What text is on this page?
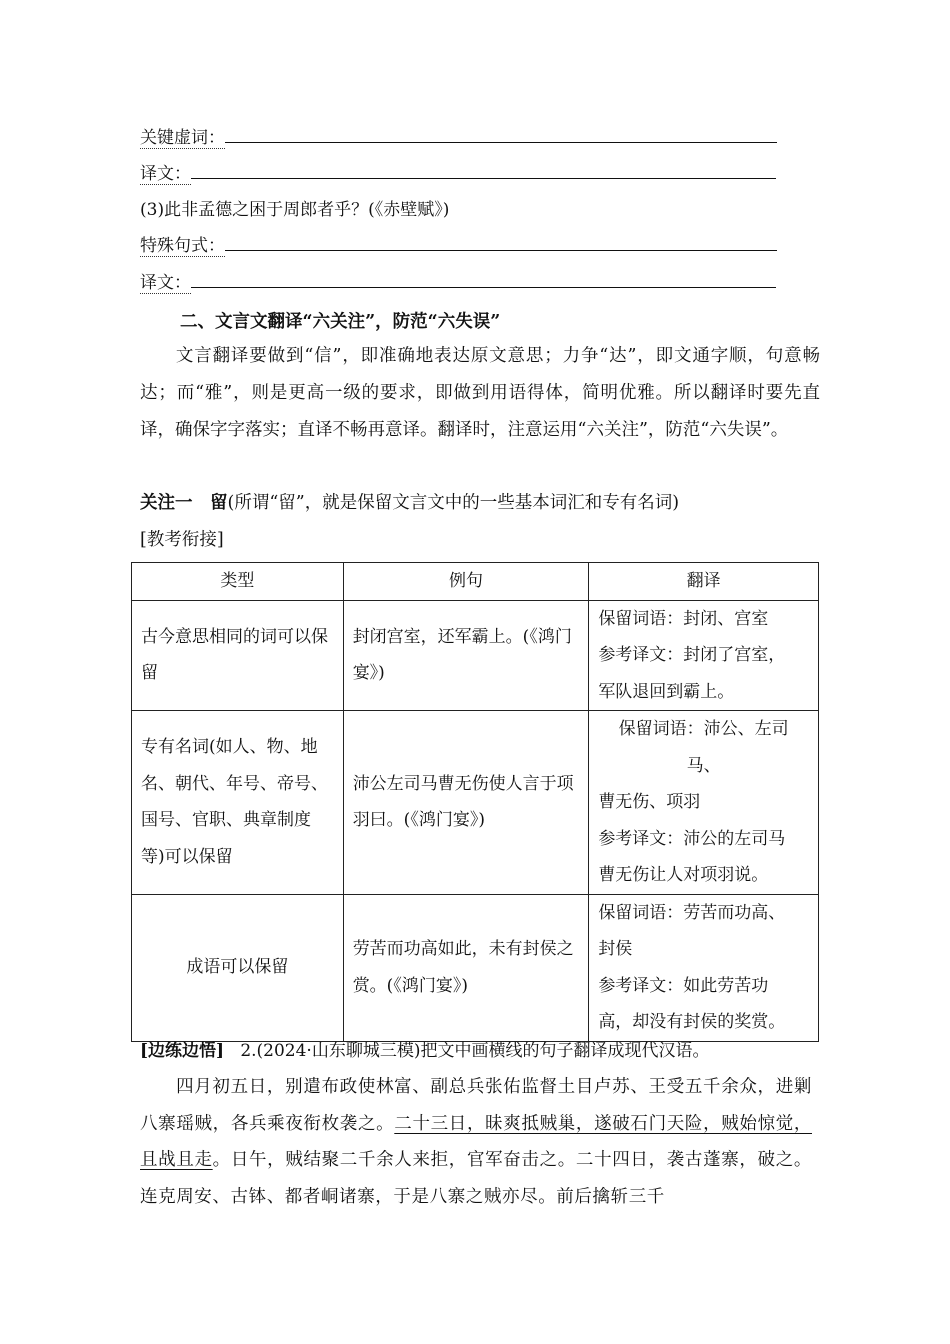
关键虚词：
译文：
(3)此非孟德之困于周郎者乎？(《赤壁赋》)
特殊句式：
译文：
二、文言文翻译“六关注”，防范“六失误”
文言翻译要做到“信”，即准确地表达原文意思；力争“达”，即文通字顺，句意畅达；而“雅”，则是更高一级的要求，即做到用语得体，简明优雅。所以翻译时要先直译，确保字字落实；直译不畅再意译。翻译时，注意运用“六关注”，防范“六失误”。
关注一　留(所谓“留”，就是保留文言文中的一些基本词汇和专有名词)
[教考衔接]
类型	例句	翻译
古今意思相同的词可以保留	封闭宫室，还军霸上。(《鸿门宴》)	保留词语：封闭、宫室
参考译文：封闭了宫室，
军队退回到霸上。

专有名词(如人、物、地名、朝代、年号、帝号、国号、官职、典章制度等)可以保留	沛公左司马曹无伤使人言于项羽曰。(《鸿门宴》)	保留词语：沛公、左司
马、
曹无伤、项羽
参考译文：沛公的左司马
曹无伤让人对项羽说。

成语可以保留	劳苦而功高如此，未有封侯之赏。(《鸿门宴》)	保留词语：劳苦而功高、
封侯
参考译文：如此劳苦功
高，却没有封侯的奖赏。
[边练边悟] 2.(2024·山东聊城三模)把文中画横线的句子翻译成现代汉语。
四月初五日，别遣布政使林富、副总兵张佑监督土目卢苏、王受五千余众，进剿八寨瑶贼，各兵乘夜衔枚袭之。二十三日，昧爽抵贼巢，遂破石门天险，贼始惊觉，且战且走。日午，贼结聚二千余人来拒，官军奋击之。二十四日，袭古蓬寨，破之。连克周安、古钵、都者峒诸寨，于是八寨之贼亦尽。前后擒斩三千
